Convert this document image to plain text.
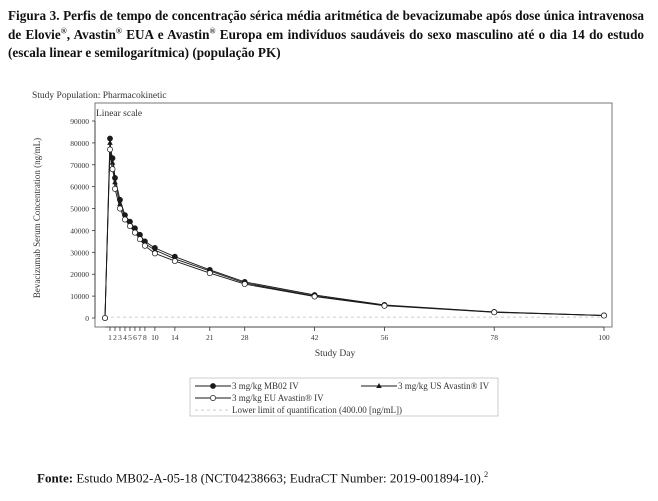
Figura 3. Perfis de tempo de concentração sérica média aritmética de bevacizumabe após dose única intravenosa de Elovie®, Avastin® EUA e Avastin® Europa em indivíduos saudáveis do sexo masculino até o dia 14 do estudo (escala linear e semilogarítmica) (população PK)
Study Population: Pharmacokinetic
Linear scale
Study Day
Bevacizumab Serum Concentration (ng/mL)
0
10000
20000
30000
40000
50000
60000
70000
80000
90000
1 2 3 4 5 6 7 8 10 14	21	28	42	56	78	100
3 mg/kg MB02 IV	3 mg/kg US Avastin® IV
3 mg/kg EU Avastin® IV
Lower limit of quantification (400.00 [ng/mL])
Fonte: Estudo MB02-A-05-18 (NCT04238663; EudraCT Number: 2019-001894-10).$^2$
